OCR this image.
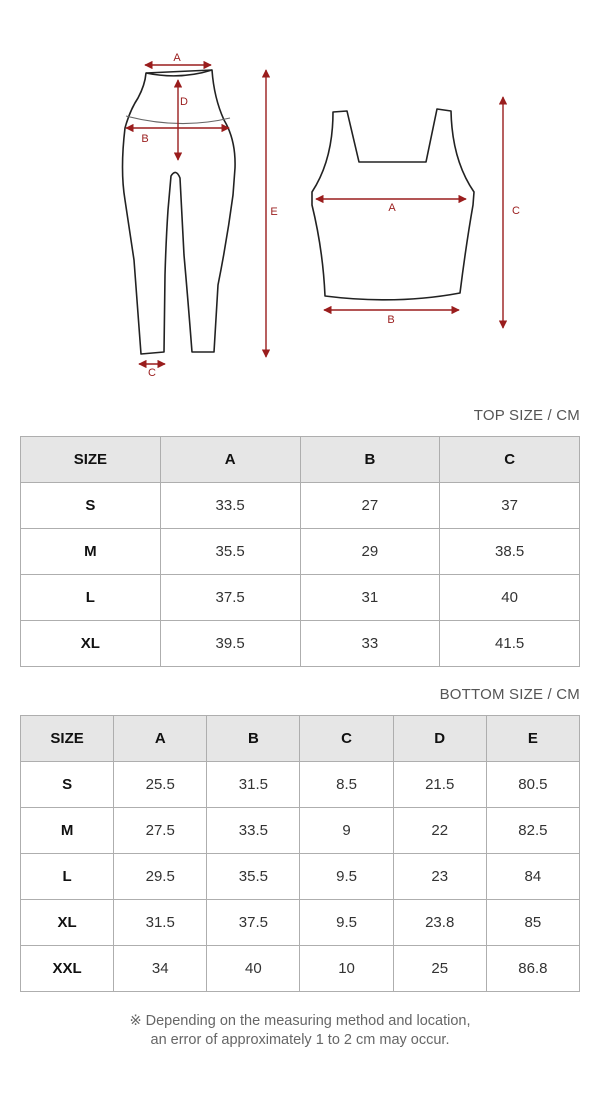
A
D
B
C
E	A
B
C
TOP SIZE / CM
SIZE	A	B	C
S	33.5	27	37
M	35.5	29	38.5
L	37.5	31	40
XL	39.5	33	41.5
BOTTOM SIZE / CM
SIZE	A	B	C	D	E
S	25.5	31.5	8.5	21.5	80.5
M	27.5	33.5	9	22	82.5
L	29.5	35.5	9.5	23	84
XL	31.5	37.5	9.5	23.8	85
XXL	34	40	10	25	86.8
※ Depending on the measuring method and location,
an error of approximately 1 to 2 cm may occur.
